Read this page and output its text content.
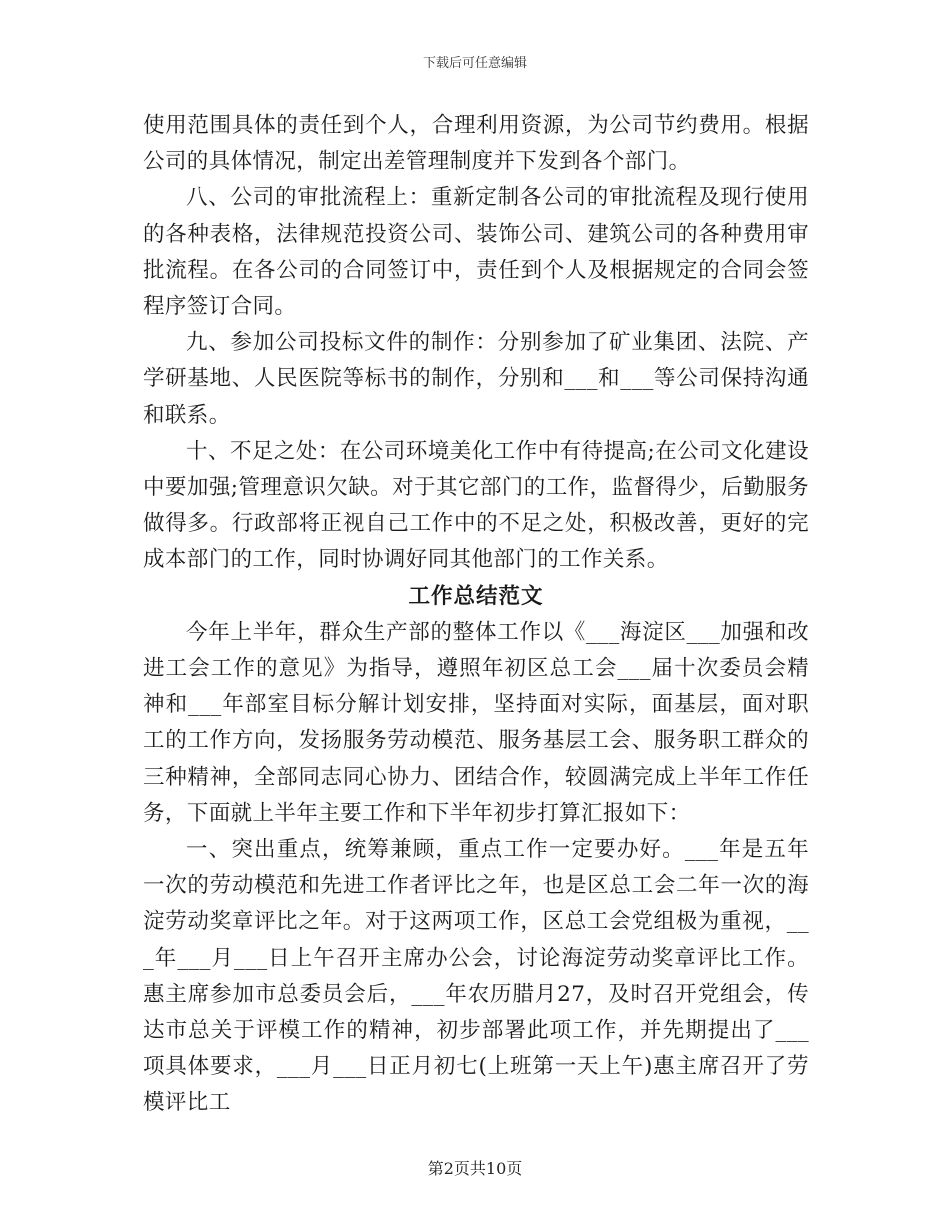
下载后可任意编辑

使用范围具体的责任到个人，合理利用资源，为公司节约费用。根据公司的具体情况，制定出差管理制度并下发到各个部门。

八、公司的审批流程上：重新定制各公司的审批流程及现行使用的各种表格，法律规范投资公司、装饰公司、建筑公司的各种费用审批流程。在各公司的合同签订中，责任到个人及根据规定的合同会签程序签订合同。

九、参加公司投标文件的制作：分别参加了矿业集团、法院、产学研基地、人民医院等标书的制作，分别和___和___等公司保持沟通和联系。

十、不足之处：在公司环境美化工作中有待提高;在公司文化建设中要加强;管理意识欠缺。对于其它部门的工作，监督得少，后勤服务做得多。行政部将正视自己工作中的不足之处，积极改善，更好的完成本部门的工作，同时协调好同其他部门的工作关系。

工作总结范文

今年上半年，群众生产部的整体工作以《___海淀区___加强和改进工会工作的意见》为指导，遵照年初区总工会___届十次委员会精神和___年部室目标分解计划安排，坚持面对实际，面基层，面对职工的工作方向，发扬服务劳动模范、服务基层工会、服务职工群众的三种精神，全部同志同心协力、团结合作，较圆满完成上半年工作任务，下面就上半年主要工作和下半年初步打算汇报如下：

一、突出重点，统筹兼顾，重点工作一定要办好。___年是五年一次的劳动模范和先进工作者评比之年，也是区总工会二年一次的海淀劳动奖章评比之年。对于这两项工作，区总工会党组极为重视，___年___月___日上午召开主席办公会，讨论海淀劳动奖章评比工作。惠主席参加市总委员会后，___年农历腊月27，及时召开党组会，传达市总关于评模工作的精神，初步部署此项工作，并先期提出了___项具体要求，___月___日正月初七(上班第一天上午)惠主席召开了劳模评比工

第2页共10页
